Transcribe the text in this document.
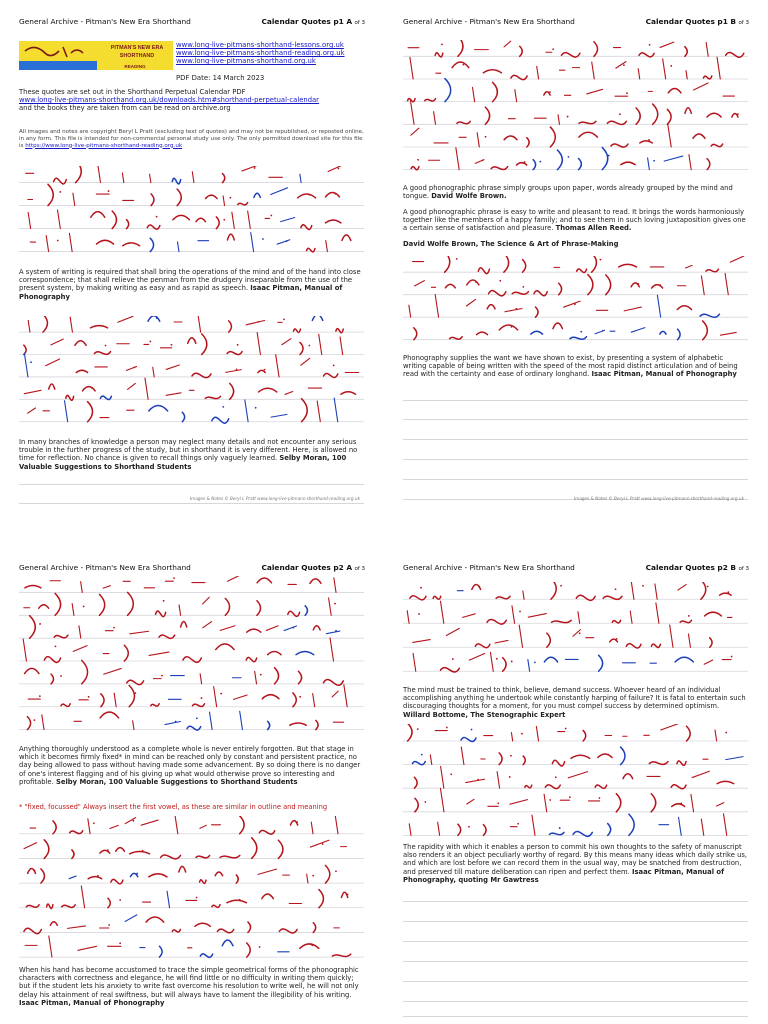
General Archive - Pitman's New Era Shorthand	Calendar Quotes p1 A of 3
PITMAN'S NEW ERA
SHORTHAND
READING
www.long-live-pitmans-shorthand-lessons.org.uk
www.long-live-pitmans-shorthand-reading.org.uk
www.long-live-pitmans-shorthand.org.uk
PDF Date: 14 March 2023
These quotes are set out in the Shorthand Perpetual Calendar PDF
www.long-live-pitmans-shorthand.org.uk/downloads.htm#shorthand-perpetual-calendar
and the books they are taken from can be read on archive.org
All images and notes are copyright Beryl L Pratt (excluding text of quotes) and may not be republished, or reposted online, in any form. This file is intended for non-commercial personal study use only. The only permitted download site for this file is https://www.long-live-pitmans-shorthand-reading.org.uk
A system of writing is required that shall bring the operations of the mind and of the hand into close correspondence; that shall relieve the penman from the drudgery inseparable from the use of the present system, by making writing as easy and as rapid as speech. Isaac Pitman, Manual of Phonography
In many branches of knowledge a person may neglect many details and not encounter any serious trouble in the further progress of the study, but in shorthand it is very different. Here, is allowed no time for reflection. No chance is given to recall things only vaguely learned. Selby Moran, 100 Valuable Suggestions to Shorthand Students
Images & Notes © Beryl L Pratt www.long-live-pitmans-shorthand-reading.org.uk
General Archive - Pitman's New Era Shorthand	Calendar Quotes p1 B of 3
A good phonographic phrase simply groups upon paper, words already grouped by the mind and tongue. David Wolfe Brown.
A good phonographic phrase is easy to write and pleasant to read. It brings the words harmoniously together like the members of a happy family; and to see them in such loving juxtaposition gives one a certain sense of satisfaction and pleasure. Thomas Allen Reed.
David Wolfe Brown, The Science & Art of Phrase-Making
Phonography supplies the want we have shown to exist, by presenting a system of alphabetic writing capable of being written with the speed of the most rapid distinct articulation and of being read with the certainty and ease of ordinary longhand. Isaac Pitman, Manual of Phonography
Images & Notes © Beryl L Pratt www.long-live-pitmans-shorthand-reading.org.uk
General Archive - Pitman's New Era Shorthand	Calendar Quotes p2 A of 3
Anything thoroughly understood as a complete whole is never entirely forgotten. But that stage in which it becomes firmly fixed* in mind can be reached only by constant and persistent practice, no day being allowed to pass without having made some advancement. By so doing there is no danger of one's interest flagging and of his giving up what would otherwise prove so interesting and profitable. Selby Moran, 100 Valuable Suggestions to Shorthand Students
* "fixed, focussed" Always insert the first vowel, as these are similar in outline and meaning
When his hand has become accustomed to trace the simple geometrical forms of the phonographic characters with correctness and elegance, he will find little or no difficulty in writing them quickly; but if the student lets his anxiety to write fast overcome his resolution to write well, he will not only delay his attainment of real swiftness, but will always have to lament the illegibility of his writing. Isaac Pitman, Manual of Phonography
General Archive - Pitman's New Era Shorthand	Calendar Quotes p2 B of 3
The mind must be trained to think, believe, demand success. Whoever heard of an individual accomplishing anything he undertook while constantly harping of failure? It is fatal to entertain such discouraging thoughts for a moment, for you must compel success by determined optimism. Willard Bottome, The Stenographic Expert
The rapidity with which it enables a person to commit his own thoughts to the safety of manuscript also renders it an object peculiarly worthy of regard. By this means many ideas which daily strike us, and which are lost before we can record them in the usual way, may be snatched from destruction, and preserved till mature deliberation can ripen and perfect them. Isaac Pitman, Manual of Phonography, quoting Mr Gawtress
